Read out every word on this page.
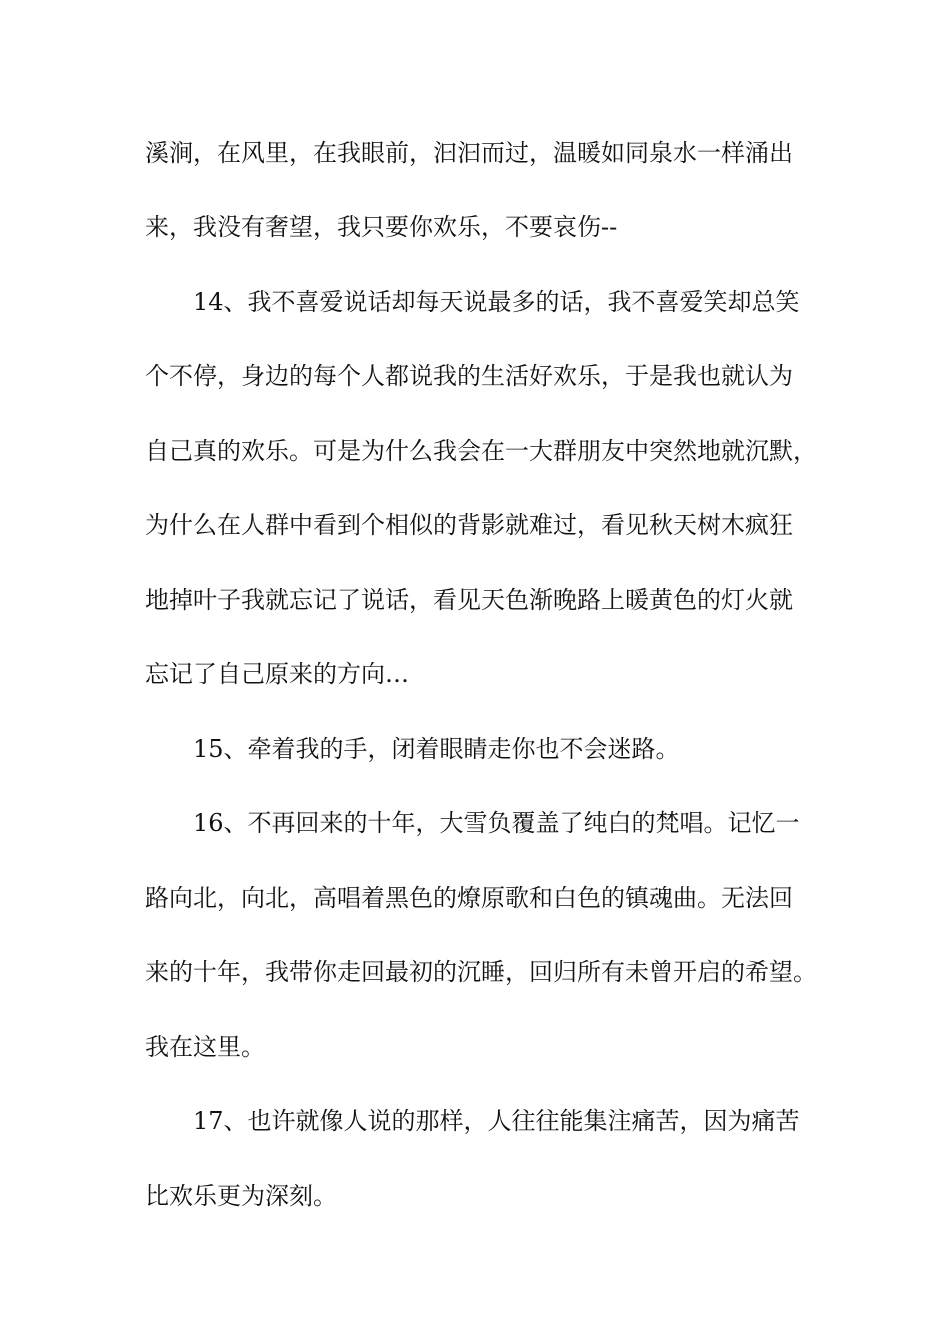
溪涧，在风里，在我眼前，汩汩而过，温暖如同泉水一样涌出
来，我没有奢望，我只要你欢乐，不要哀伤--
14、我不喜爱说话却每天说最多的话，我不喜爱笑却总笑
个不停，身边的每个人都说我的生活好欢乐，于是我也就认为
自己真的欢乐。可是为什么我会在一大群朋友中突然地就沉默，
为什么在人群中看到个相似的背影就难过，看见秋天树木疯狂
地掉叶子我就忘记了说话，看见天色渐晚路上暖黄色的灯火就
忘记了自己原来的方向…
15、牵着我的手，闭着眼睛走你也不会迷路。
16、不再回来的十年，大雪负覆盖了纯白的梵唱。记忆一
路向北，向北，高唱着黑色的燎原歌和白色的镇魂曲。无法回
来的十年，我带你走回最初的沉睡，回归所有未曾开启的希望。
我在这里。
17、也许就像人说的那样，人往往能集注痛苦，因为痛苦
比欢乐更为深刻。
